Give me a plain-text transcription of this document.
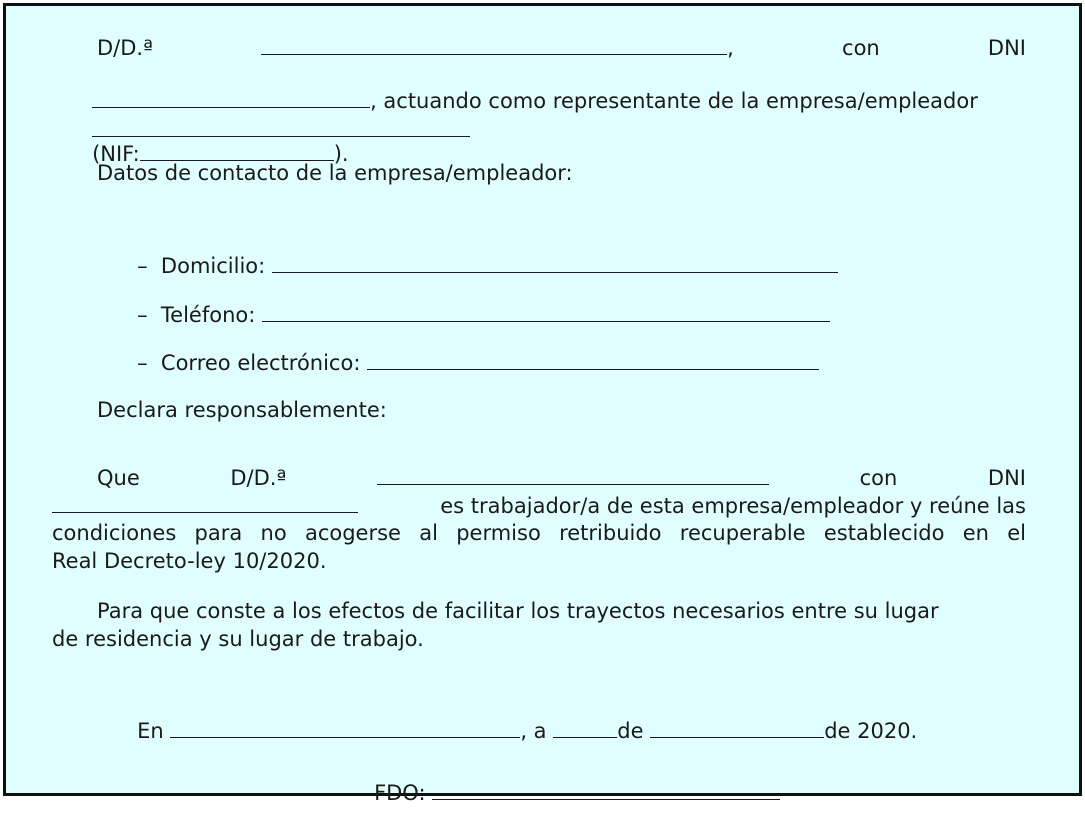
D/D.ª	,	con	DNI

, actuando como representante de la empresa/empleador

(NIF:	).

Datos de contacto de la empresa/empleador:

– Domicilio:

– Teléfono:

– Correo electrónico:

Declara responsablemente:
Que	D/D.ª	con	DNI
es trabajador/a de esta empresa/empleador y reúne las
condiciones para no acogerse al permiso retribuido recuperable establecido en el
Real Decreto-ley 10/2020.
Para que conste a los efectos de facilitar los trayectos necesarios entre su lugar
de residencia y su lugar de trabajo.

En	, a	de	de 2020.

FDO:
